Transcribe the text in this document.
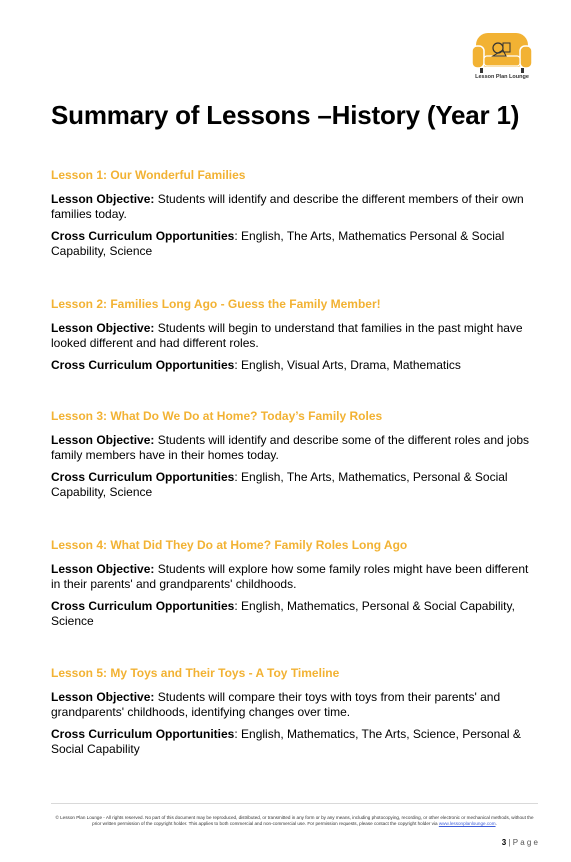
Lesson Plan Lounge
Summary of Lessons –History (Year 1)
Lesson 1: Our Wonderful Families

Lesson Objective: Students will identify and describe the different members of their own families today.

Cross Curriculum Opportunities: English, The Arts, Mathematics Personal & Social Capability, Science

Lesson 2: Families Long Ago - Guess the Family Member!

Lesson Objective: Students will begin to understand that families in the past might have looked different and had different roles.

Cross Curriculum Opportunities: English, Visual Arts, Drama, Mathematics

Lesson 3: What Do We Do at Home? Today’s Family Roles

Lesson Objective: Students will identify and describe some of the different roles and jobs family members have in their homes today.

Cross Curriculum Opportunities: English, The Arts, Mathematics, Personal & Social Capability, Science

Lesson 4: What Did They Do at Home? Family Roles Long Ago

Lesson Objective: Students will explore how some family roles might have been different in their parents' and grandparents' childhoods.

Cross Curriculum Opportunities: English, Mathematics, Personal & Social Capability, Science

Lesson 5: My Toys and Their Toys - A Toy Timeline

Lesson Objective: Students will compare their toys with toys from their parents' and grandparents' childhoods, identifying changes over time.

Cross Curriculum Opportunities: English, Mathematics, The Arts, Science, Personal & Social Capability

© Lesson Plan Lounge - All rights reserved. No part of this document may be reproduced, distributed, or transmitted in any form or by any means, including photocopying, recording, or other electronic or mechanical methods, without the prior written permission of the copyright holder. This applies to both commercial and non-commercial use. For permission requests, please contact the copyright holder via www.lessonplanlounge.com.
3 | P a g e
